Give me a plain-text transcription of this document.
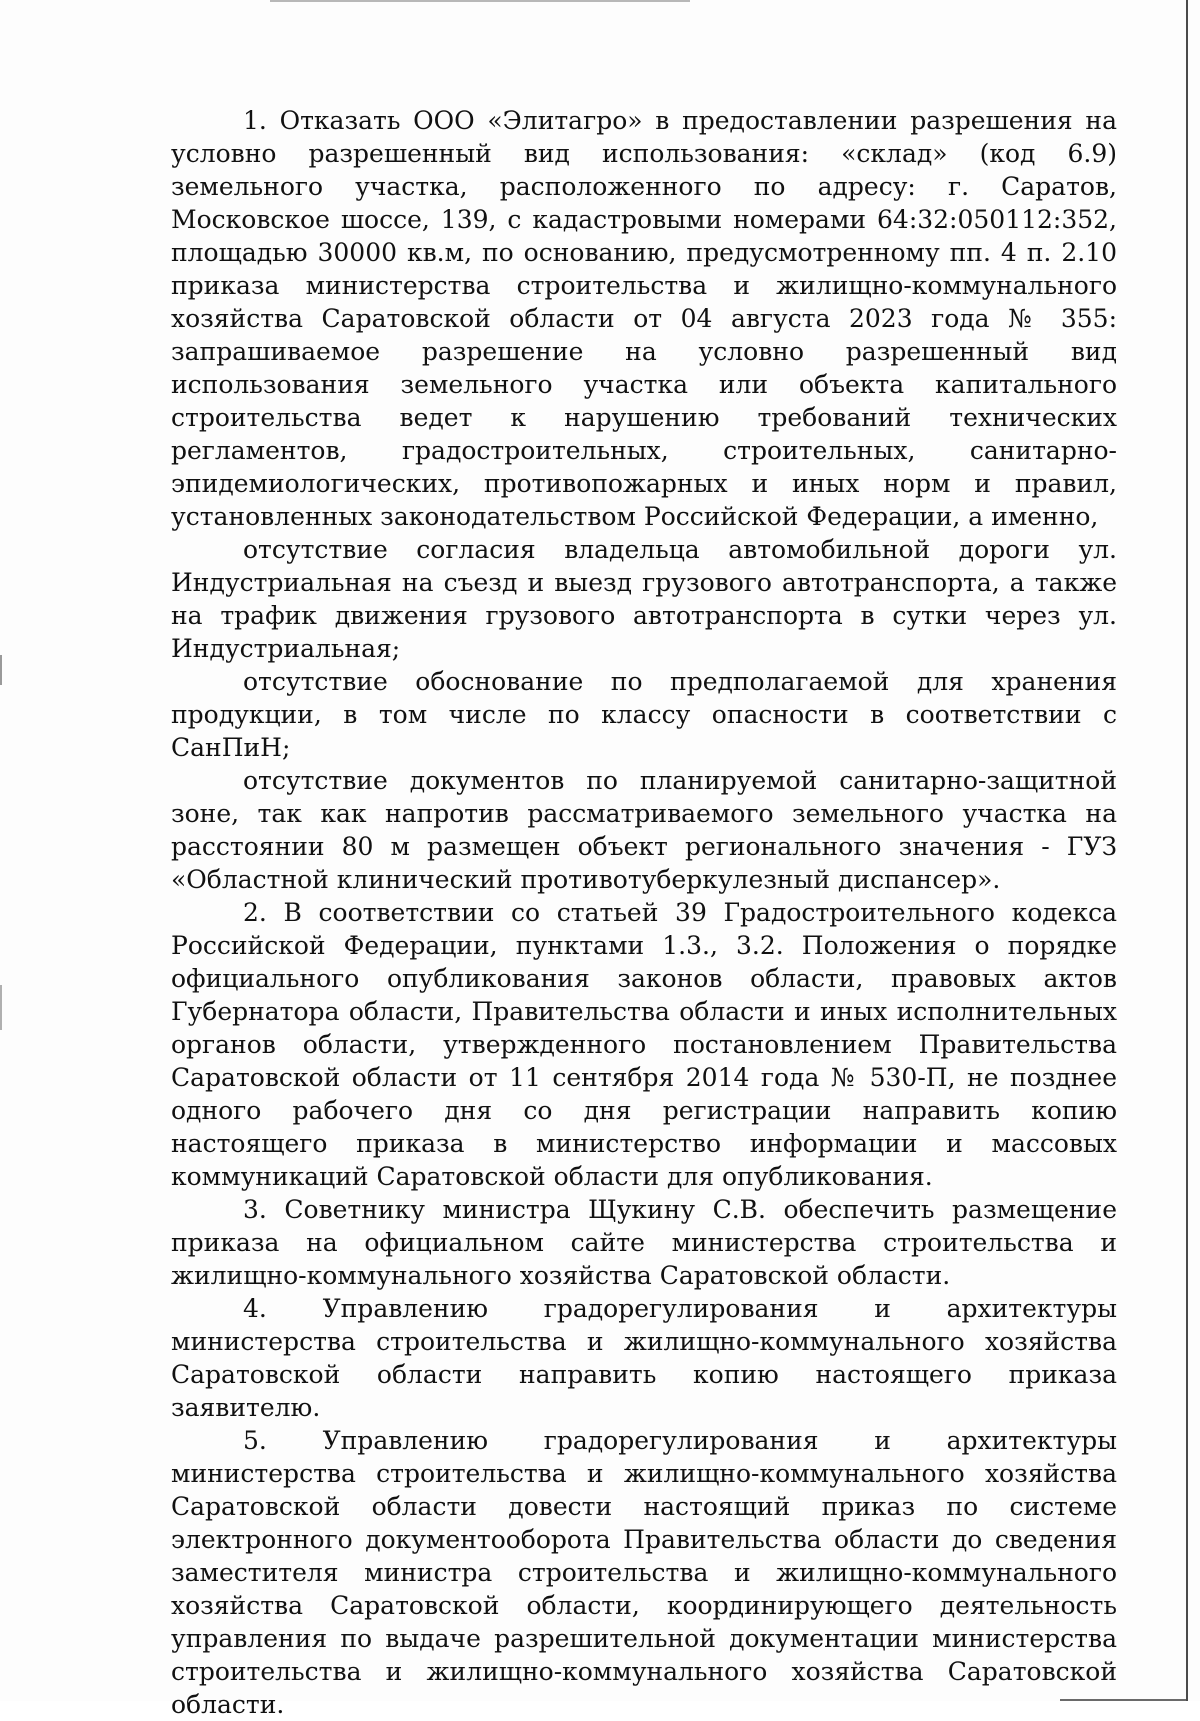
1. Отказать ООО «Элитагро» в предоставлении разрешения на условно разрешенный вид использования: «склад» (код 6.9) земельного участка, расположенного по адресу: г. Саратов, Московское шоссе, 139, с кадастровыми номерами 64:32:050112:352, площадью 30000 кв.м, по основанию, предусмотренному пп. 4 п. 2.10 приказа министерства строительства и жилищно-коммунального хозяйства Саратовской области от 04 августа 2023 года № 355: запрашиваемое разрешение на условно разрешенный вид использования земельного участка или объекта капитального строительства ведет к нарушению требований технических регламентов, градостроительных, строительных, санитарно-эпидемиологических, противопожарных и иных норм и правил, установленных законодательством Российской Федерации, а именно,

отсутствие согласия владельца автомобильной дороги ул. Индустриальная на съезд и выезд грузового автотранспорта, а также на трафик движения грузового автотранспорта в сутки через ул. Индустриальная;

отсутствие обоснование по предполагаемой для хранения продукции, в том числе по классу опасности в соответствии с СанПиН;

отсутствие документов по планируемой санитарно-защитной зоне, так как напротив рассматриваемого земельного участка на расстоянии 80 м размещен объект регионального значения - ГУЗ «Областной клинический противотуберкулезный диспансер».

2. В соответствии со статьей 39 Градостроительного кодекса Российской Федерации, пунктами 1.3., 3.2. Положения о порядке официального опубликования законов области, правовых актов Губернатора области, Правительства области и иных исполнительных органов области, утвержденного постановлением Правительства Саратовской области от 11 сентября 2014 года № 530-П, не позднее одного рабочего дня со дня регистрации направить копию настоящего приказа в министерство информации и массовых коммуникаций Саратовской области для опубликования.

3. Советнику министра Щукину С.В. обеспечить размещение приказа на официальном сайте министерства строительства и жилищно-коммунального хозяйства Саратовской области.

4. Управлению градорегулирования и архитектуры министерства строительства и жилищно-коммунального хозяйства Саратовской области направить копию настоящего приказа заявителю.

5. Управлению градорегулирования и архитектуры министерства строительства и жилищно-коммунального хозяйства Саратовской области довести настоящий приказ по системе электронного документооборота Правительства области до сведения заместителя министра строительства и жилищно-коммунального хозяйства Саратовской области, координирующего деятельность управления по выдаче разрешительной документации министерства строительства и жилищно-коммунального хозяйства Саратовской области.
